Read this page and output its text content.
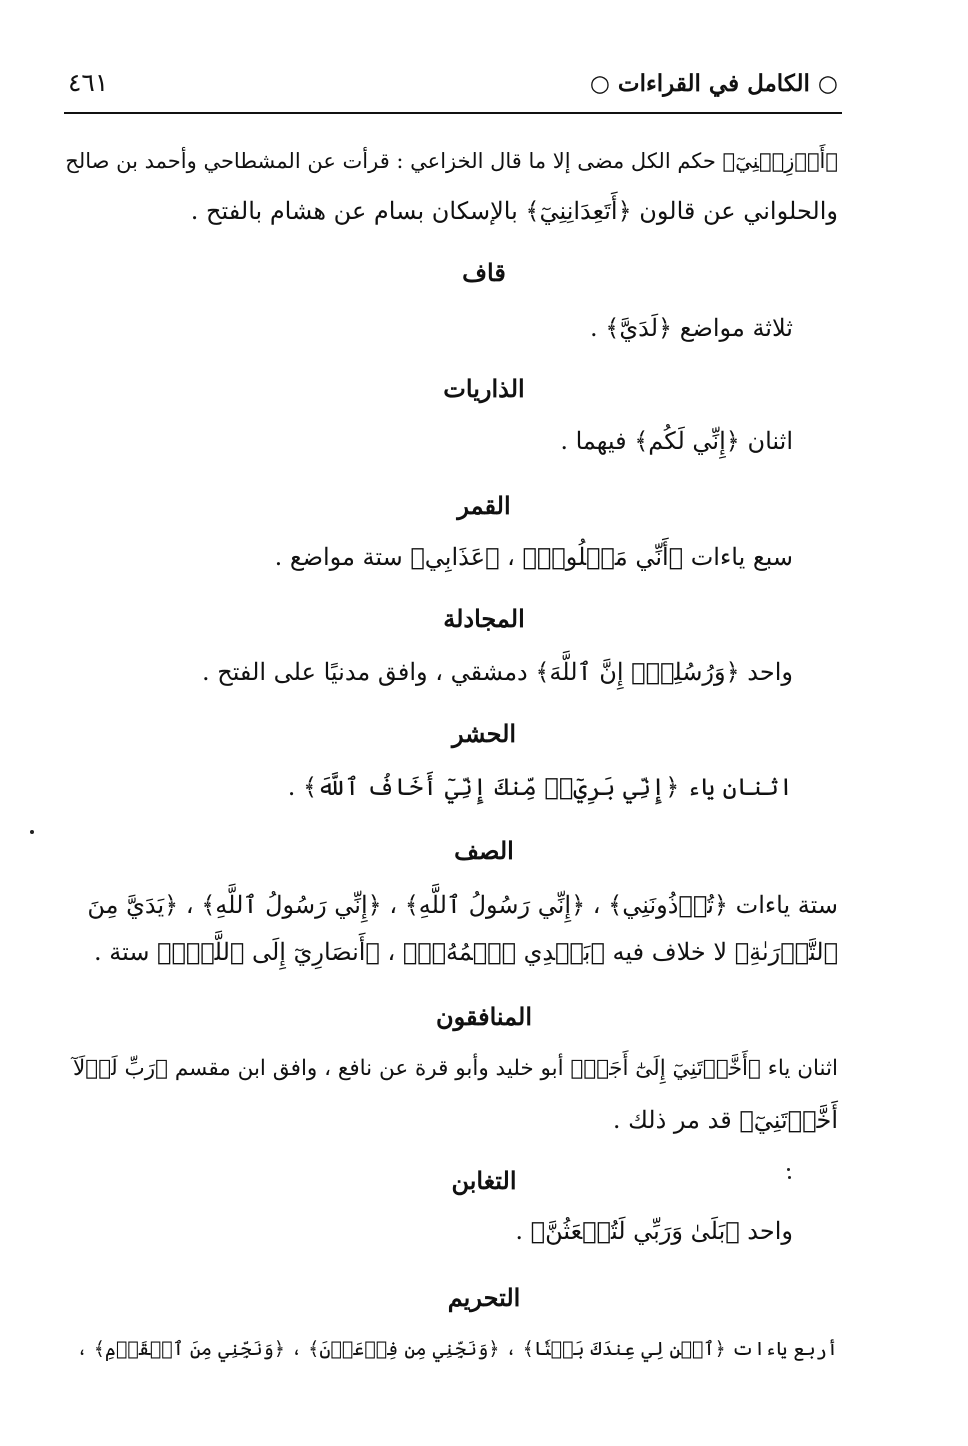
○ الكامل في القراءات ○
٤٦١
﴿أَوۡزِعۡنِيٓ﴾ حكم الكل مضى إلا ما قال الخزاعي : قرأت عن المشطاحي وأحمد بن صالح
والحلواني عن قالون ﴿أَتَعِدَانِنِيٓ﴾ بالإسكان بسام عن هشام بالفتح .
قاف
ثلاثة مواضع ﴿لَدَيَّ﴾ .
الذاريات
اثنان ﴿إِنِّي لَكُم﴾ فيهما .
القمر
سبع ياءات ﴿أَنِّي مَغۡلُوبٞ﴾ ، ﴿عَذَابِي﴾ ستة مواضع .
المجادلة
واحد ﴿وَرُسُلِيٓۚ إِنَّ ٱللَّهَ﴾ دمشقي ، وافق مدنيًا على الفتح .
الحشر
اثنان ياء ﴿إِنِّي بَرِيٓءٞ مِّنكَ إِنِّيٓ أَخَافُ ٱللَّهَ﴾ .
الصف
ستة ياءات ﴿تُؤۡذُونَنِي﴾ ، ﴿إِنِّي رَسُولُ ٱللَّهِ﴾ ، ﴿إِنِّي رَسُولُ ٱللَّهِ﴾ ، ﴿يَدَيَّ مِنَ
ٱلتَّوۡرَىٰةِ﴾ لا خلاف فيه ﴿بَعۡدِي ٱسۡمُهُۥٓ﴾ ، ﴿أَنصَارِيٓ إِلَى ٱللَّهِۖ﴾ ستة .
المنافقون
اثنان ياء ﴿أَخَّرۡتَنِيٓ إِلَىٰٓ أَجَلٖ﴾ أبو خليد وأبو قرة عن نافع ، وافق ابن مقسم ﴿رَبِّ لَوۡلَآ
أَخَّرۡتَنِيٓ﴾ قد مر ذلك .
التغابن
واحد ﴿بَلَىٰ وَرَبِّي لَتُبۡعَثُنَّ﴾ .
التحريم
أربع ياءات ﴿ٱبۡنِ لِي عِندَكَ بَيۡتٗا﴾ ، ﴿وَنَجِّنِي مِن فِرۡعَوۡنَ﴾ ، ﴿وَنَجِّنِي مِنَ ٱلۡقَوۡمِ﴾ ،
